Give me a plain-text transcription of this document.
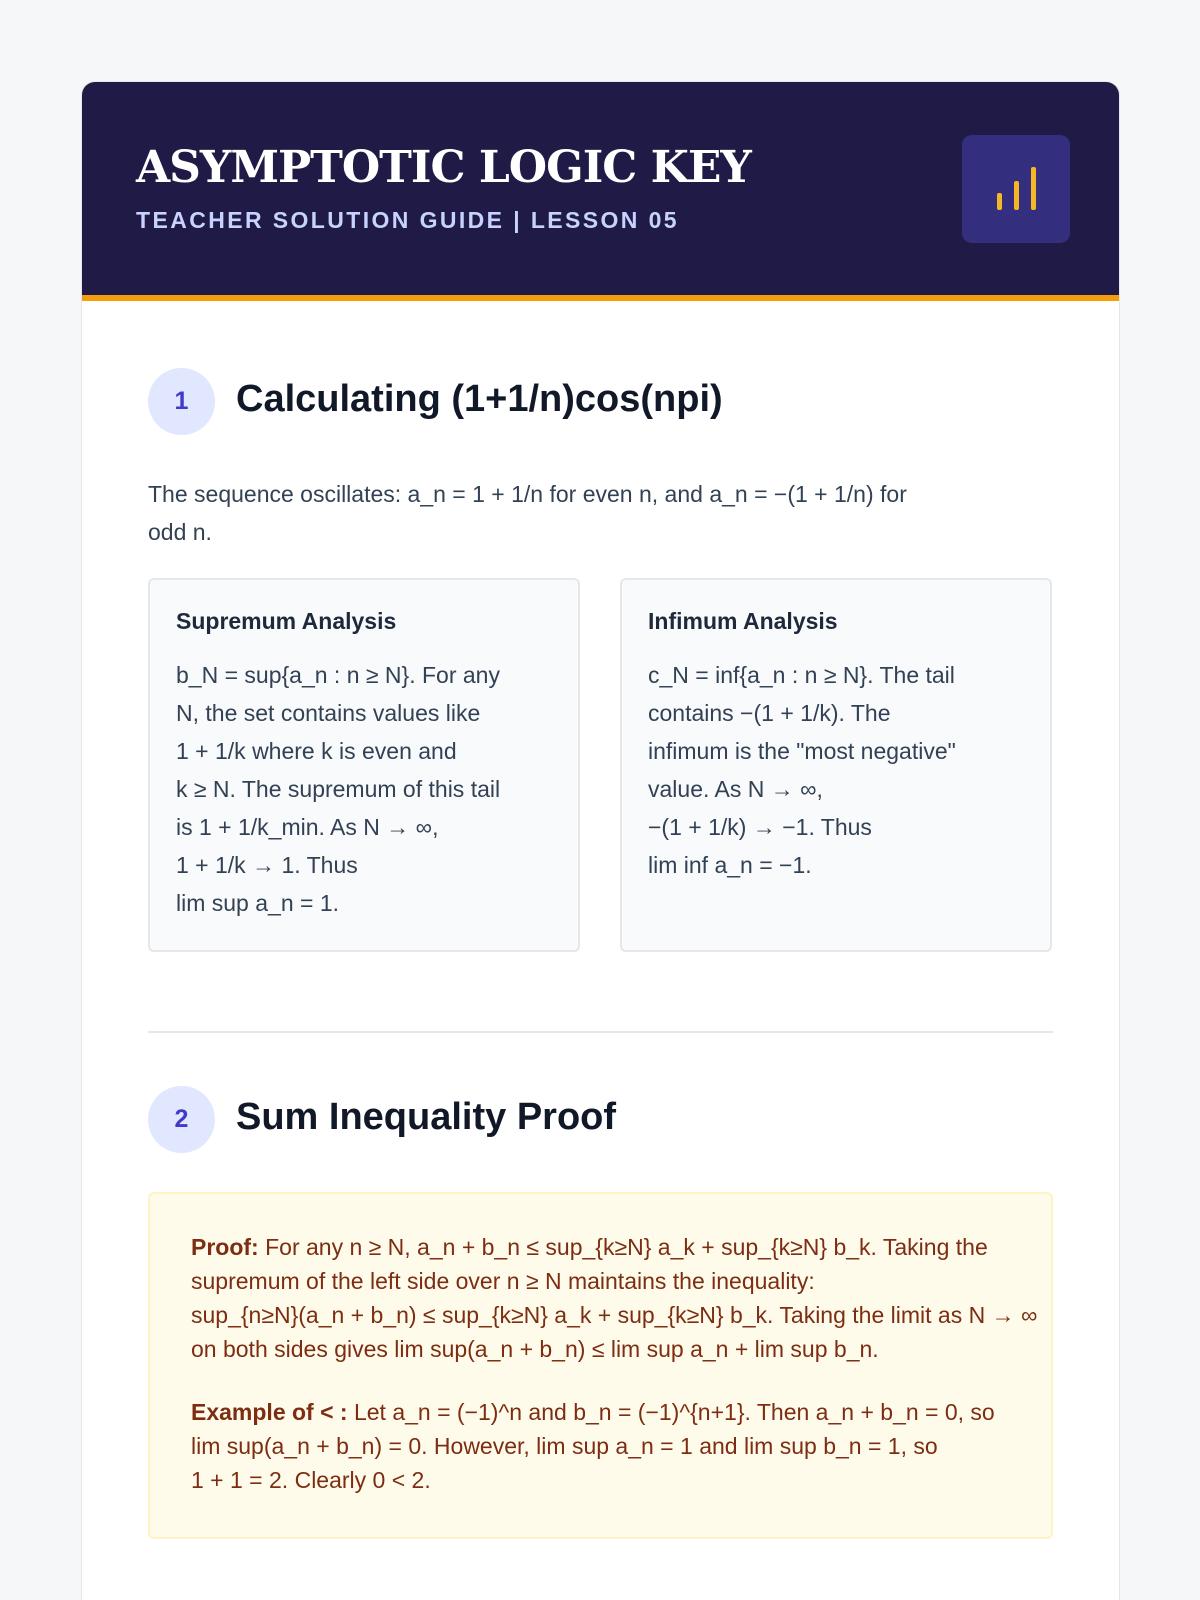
ASYMPTOTIC LOGIC KEY
TEACHER SOLUTION GUIDE | LESSON 05
1	Calculating (1+1/n)cos(npi)
The sequence oscillates: a_n = 1 + 1/n for even n, and a_n = −(1 + 1/n) for
odd n.
Supremum Analysis
b_N = sup{a_n : n ≥ N}. For any
N, the set contains values like
1 + 1/k where k is even and
k ≥ N. The supremum of this tail
is 1 + 1/k_min. As N → ∞,
1 + 1/k → 1. Thus
lim sup a_n = 1.
Infimum Analysis
c_N = inf{a_n : n ≥ N}. The tail
contains −(1 + 1/k). The
infimum is the "most negative"
value. As N → ∞,
−(1 + 1/k) → −1. Thus
lim inf a_n = −1.
2	Sum Inequality Proof
Proof: For any n ≥ N, a_n + b_n ≤ sup_{k≥N} a_k + sup_{k≥N} b_k. Taking the
supremum of the left side over n ≥ N maintains the inequality:
sup_{n≥N}(a_n + b_n) ≤ sup_{k≥N} a_k + sup_{k≥N} b_k. Taking the limit as N → ∞
on both sides gives lim sup(a_n + b_n) ≤ lim sup a_n + lim sup b_n.
Example of < : Let a_n = (−1)^n and b_n = (−1)^{n+1}. Then a_n + b_n = 0, so
lim sup(a_n + b_n) = 0. However, lim sup a_n = 1 and lim sup b_n = 1, so
1 + 1 = 2. Clearly 0 < 2.
